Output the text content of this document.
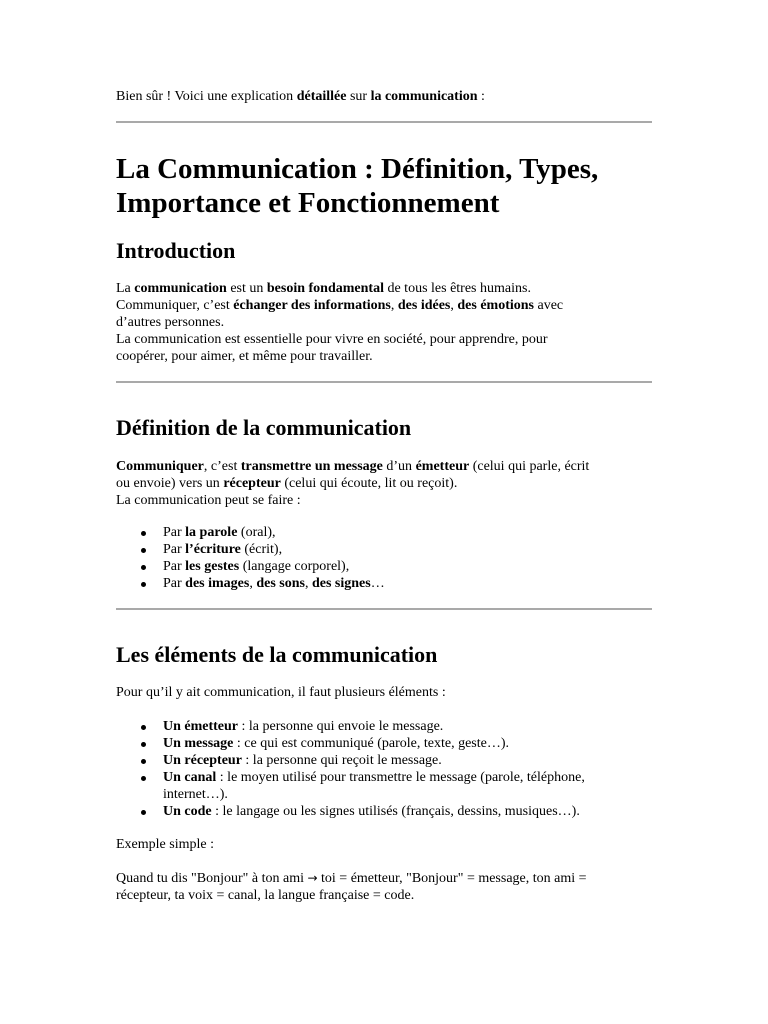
Bien sûr ! Voici une explication détaillée sur la communication :

La Communication : Définition, Types,
Importance et Fonctionnement
Introduction

La communication est un besoin fondamental de tous les êtres humains.
Communiquer, c’est échanger des informations, des idées, des émotions avec
d’autres personnes.
La communication est essentielle pour vivre en société, pour apprendre, pour
coopérer, pour aimer, et même pour travailler.

Définition de la communication

Communiquer, c’est transmettre un message d’un émetteur (celui qui parle, écrit
ou envoie) vers un récepteur (celui qui écoute, lit ou reçoit).
La communication peut se faire :

Par la parole (oral),
Par l’écriture (écrit),
Par les gestes (langage corporel),
Par des images, des sons, des signes…
Les éléments de la communication

Pour qu’il y ait communication, il faut plusieurs éléments :

Un émetteur : la personne qui envoie le message.
Un message : ce qui est communiqué (parole, texte, geste…).
Un récepteur : la personne qui reçoit le message.
Un canal : le moyen utilisé pour transmettre le message (parole, téléphone,
internet…).
Un code : le langage ou les signes utilisés (français, dessins, musiques…).

Exemple simple :

Quand tu dis "Bonjour" à ton ami → toi = émetteur, "Bonjour" = message, ton ami =
récepteur, ta voix = canal, la langue française = code.
